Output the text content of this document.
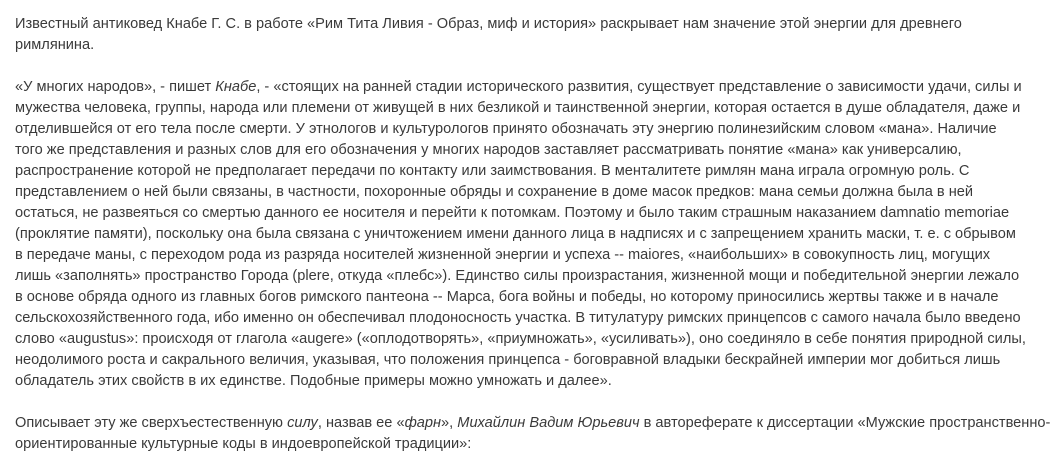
Известный антиковед Кнабе Г. С. в работе «Рим Тита Ливия - Образ, миф и история» раскрывает нам значение этой энергии для древнего
римлянина.

«У многих народов», - пишет Кнабе, - «стоящих на ранней стадии исторического развития, существует представление о зависимости удачи, силы и
мужества человека, группы, народа или племени от живущей в них безликой и таинственной энергии, которая остается в душе обладателя, даже и
отделившейся от его тела после смерти. У этнологов и культурологов принято обозначать эту энергию полинезийским словом «мана». Наличие
того же представления и разных слов для его обозначения у многих народов заставляет рассматривать понятие «мана» как универсалию,
распространение которой не предполагает передачи по контакту или заимствования. В менталитете римлян мана играла огромную роль. С
представлением о ней были связаны, в частности, похоронные обряды и сохранение в доме масок предков: мана семьи должна была в ней
остаться, не развеяться со смертью данного ее носителя и перейти к потомкам. Поэтому и было таким страшным наказанием damnatio memoriae
(проклятие памяти), поскольку она была связана с уничтожением имени данного лица в надписях и с запрещением хранить маски, т. е. с обрывом
в передаче маны, с переходом рода из разряда носителей жизненной энергии и успеха -- maiores, «наибольших» в совокупность лиц, могущих
лишь «заполнять» пространство Города (plere, откуда «плебс»). Единство силы произрастания, жизненной мощи и победительной энергии лежало
в основе обряда одного из главных богов римского пантеона -- Марса, бога войны и победы, но которому приносились жертвы также и в начале
сельскохозяйственного года, ибо именно он обеспечивал плодоносность участка. В титулатуру римских принцепсов с самого начала было введено
слово «augustus»: происходя от глагола «augere» («оплодотворять», «приумножать», «усиливать»), оно соединяло в себе понятия природной силы,
неодолимого роста и сакрального величия, указывая, что положения принцепса - боговравной владыки бескрайней империи мог добиться лишь
обладатель этих свойств в их единстве. Подобные примеры можно умножать и далее».

Описывает эту же сверхъестественную силу, назвав ее «фарн», Михайлин Вадим Юрьевич в автореферате к диссертации «Мужские пространственно-
ориентированные культурные коды в индоевропейской традиции»:
